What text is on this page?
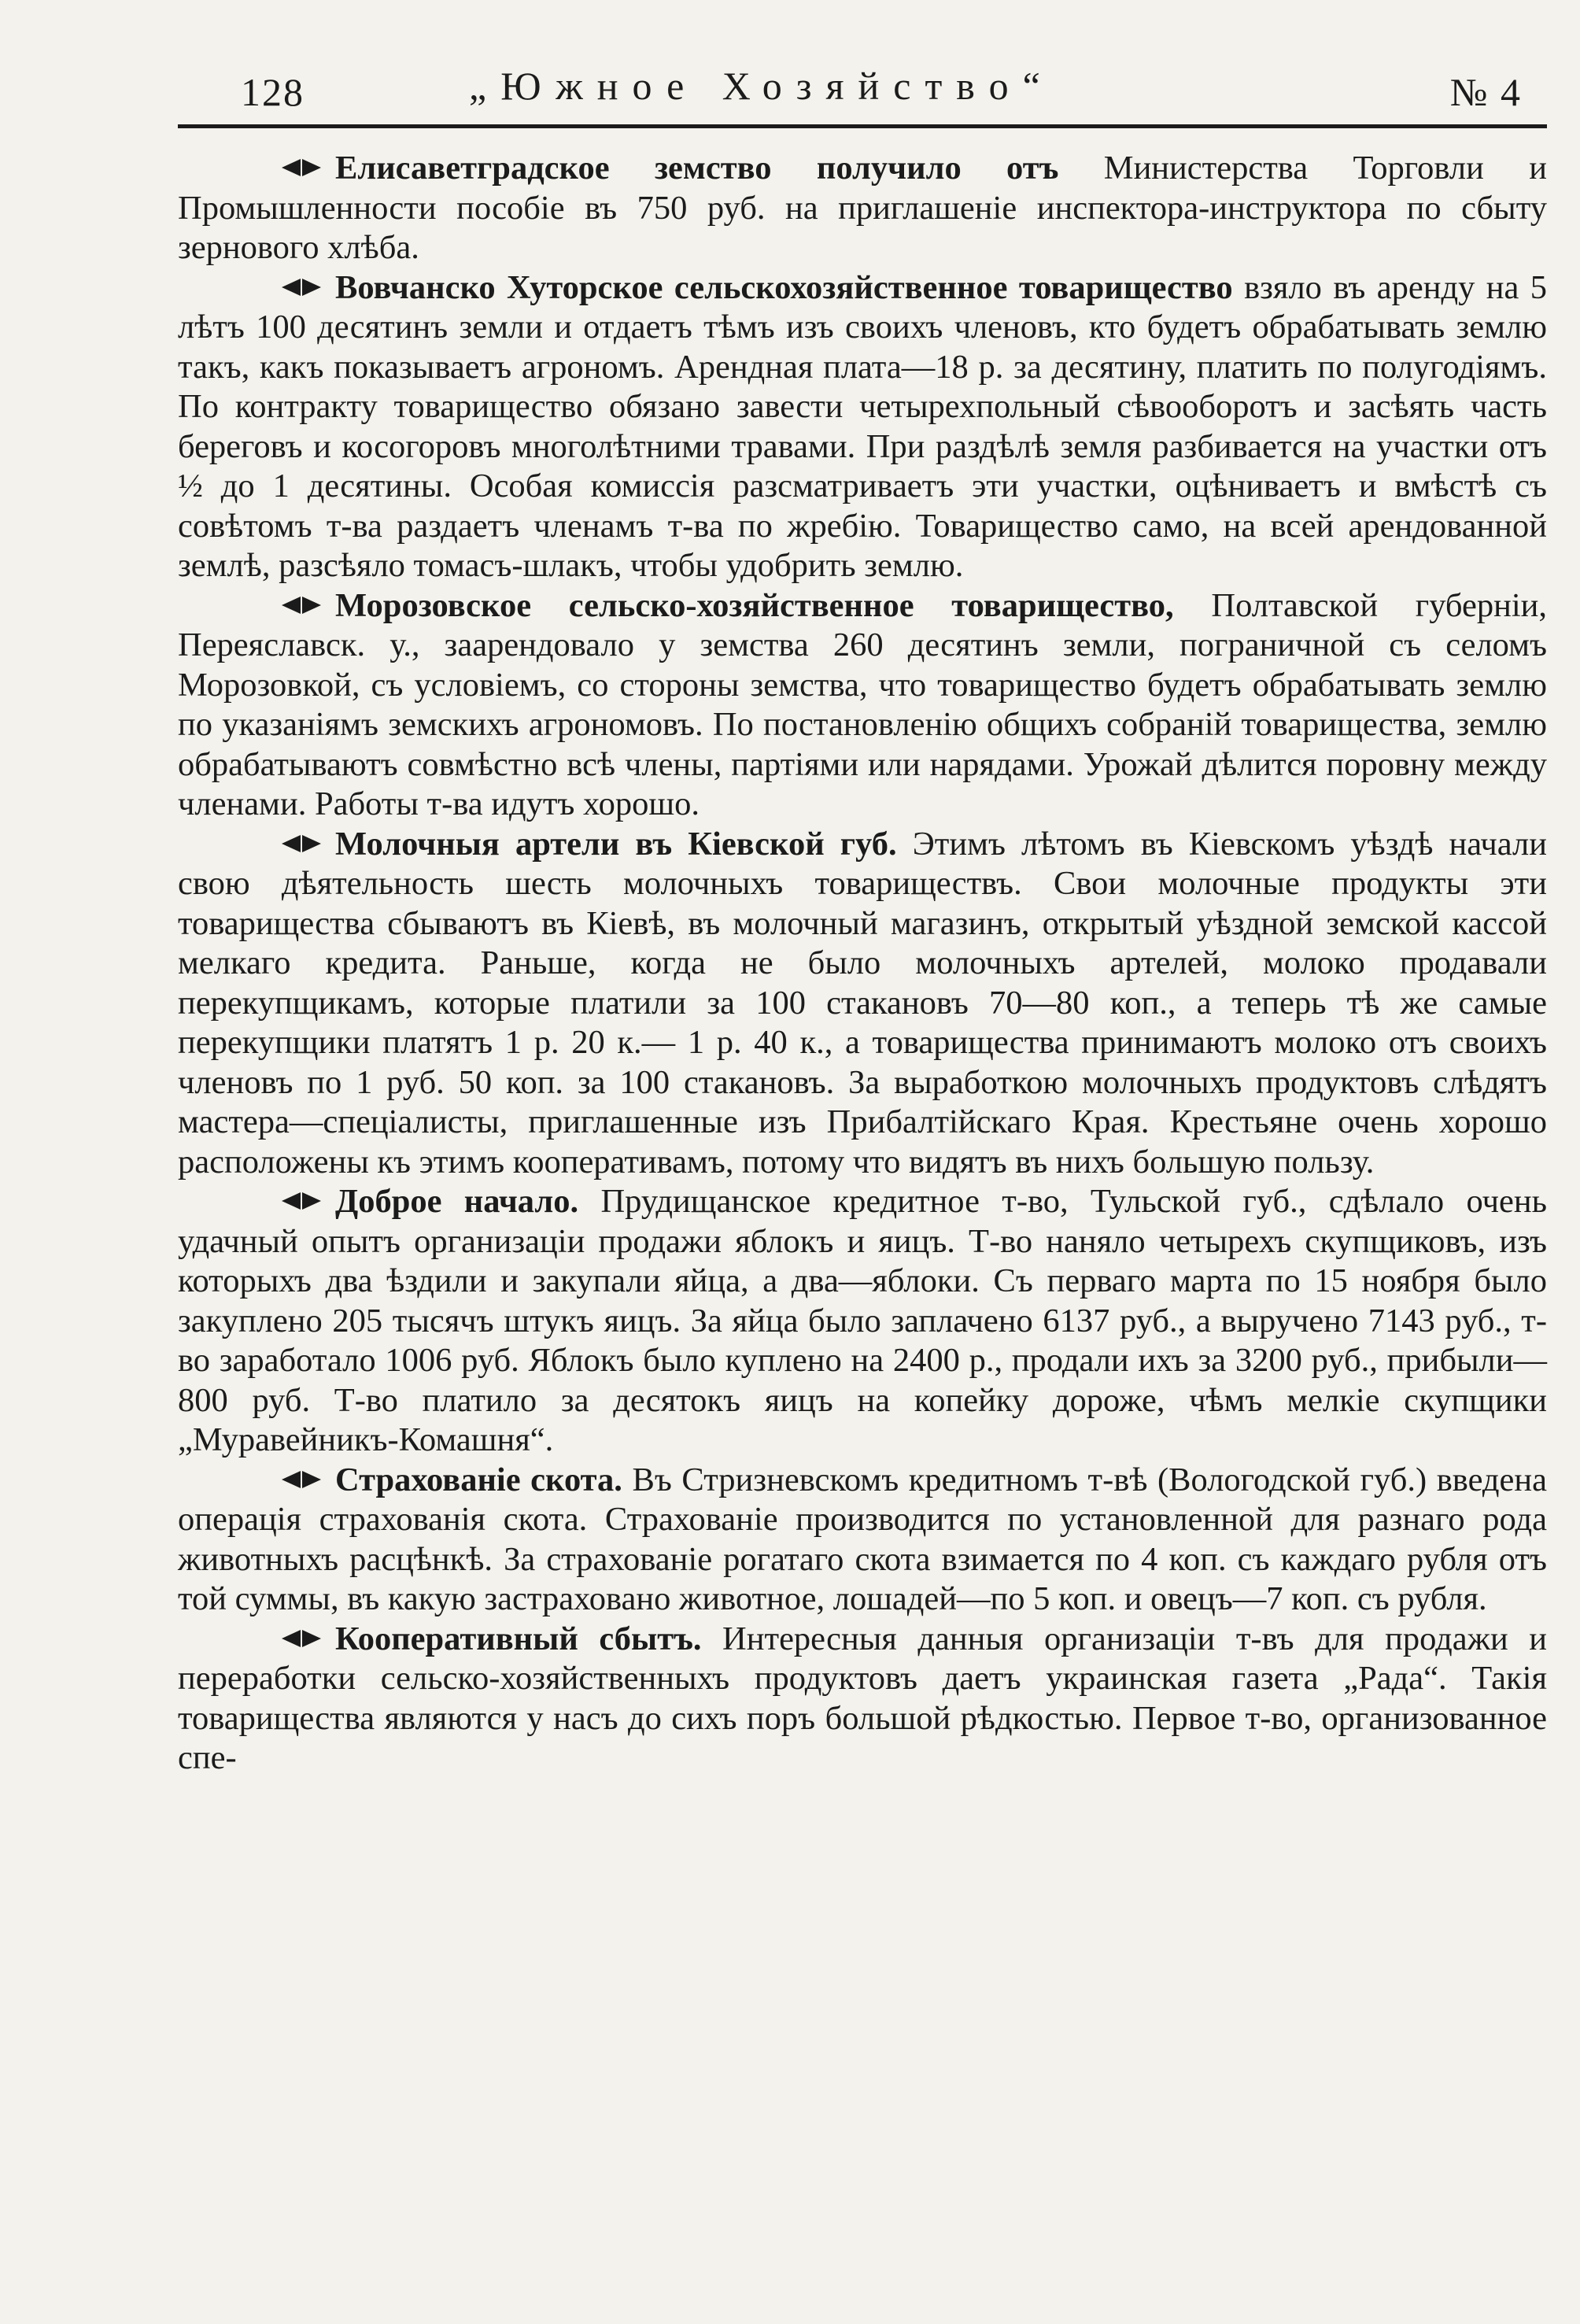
128	„Южное Хозяйство“	№ 4

Елисаветградское земство получило отъ Министерства Торговли и Промышленности пособіе въ 750 руб. на приглашеніе инспектора-инструктора по сбыту зернового хлѣба.

Вовчанско Хуторское сельскохозяйственное товарищество взяло въ аренду на 5 лѣтъ 100 десятинъ земли и отдаетъ тѣмъ изъ своихъ членовъ, кто будетъ обрабатывать землю такъ, какъ показываетъ агрономъ. Арендная плата—18 р. за десятину, платить по полугодіямъ. По контракту товарищество обязано завести четырехпольный сѣвооборотъ и засѣять часть береговъ и косогоровъ многолѣтними травами. При раздѣлѣ земля разбивается на участки отъ ½ до 1 десятины. Особая комиссія разсматриваетъ эти участки, оцѣниваетъ и вмѣстѣ съ совѣтомъ т-ва раздаетъ членамъ т-ва по жребію. Товарищество само, на всей арендованной землѣ, разсѣяло томасъ-шлакъ, чтобы удобрить землю.

Морозовское сельско-хозяйственное товарищество, Полтавской губерніи, Переяславск. у., заарендовало у земства 260 десятинъ земли, пограничной съ селомъ Морозовкой, съ условіемъ, со стороны земства, что товарищество будетъ обрабатывать землю по указаніямъ земскихъ агрономовъ. По постановленію общихъ собраній товарищества, землю обрабатываютъ совмѣстно всѣ члены, партіями или нарядами. Урожай дѣлится поровну между членами. Работы т-ва идутъ хорошо.

Молочныя артели въ Кіевской губ. Этимъ лѣтомъ въ Кіевскомъ уѣздѣ начали свою дѣятельность шесть молочныхъ товариществъ. Свои молочные продукты эти товарищества сбываютъ въ Кіевѣ, въ молочный магазинъ, открытый уѣздной земской кассой мелкаго кредита. Раньше, когда не было молочныхъ артелей, молоко продавали перекупщикамъ, которые платили за 100 стакановъ 70—80 коп., а теперь тѣ же самые перекупщики платятъ 1 р. 20 к.— 1 р. 40 к., а товарищества принимаютъ молоко отъ своихъ членовъ по 1 руб. 50 коп. за 100 стакановъ. За выработкою молочныхъ продуктовъ слѣдятъ мастера—спеціалисты, приглашенные изъ Прибалтійскаго Края. Крестьяне очень хорошо расположены къ этимъ кооперативамъ, потому что видятъ въ нихъ большую пользу.

Доброе начало. Прудищанское кредитное т-во, Тульской губ., сдѣлало очень удачный опытъ организаціи продажи яблокъ и яицъ. Т-во наняло четырехъ скупщиковъ, изъ которыхъ два ѣздили и закупали яйца, а два—яблоки. Съ перваго марта по 15 ноября было закуплено 205 тысячъ штукъ яицъ. За яйца было заплачено 6137 руб., а выручено 7143 руб., т-во заработало 1006 руб. Яблокъ было куплено на 2400 р., продали ихъ за 3200 руб., прибыли—800 руб. Т-во платило за десятокъ яицъ на копейку дороже, чѣмъ мелкіе скупщики „Муравейникъ-Комашня“.

Страхованіе скота. Въ Стризневскомъ кредитномъ т-вѣ (Вологодской губ.) введена операція страхованія скота. Страхованіе производится по установленной для разнаго рода животныхъ расцѣнкѣ. За страхованіе рогатаго скота взимается по 4 коп. съ каждаго рубля отъ той суммы, въ какую застраховано животное, лошадей—по 5 коп. и овецъ—7 коп. съ рубля.

Кооперативный сбытъ. Интересныя данныя организаціи т-въ для продажи и переработки сельско-хозяйственныхъ продуктовъ даетъ украинская газета „Рада“. Такія товарищества являются у насъ до сихъ поръ большой рѣдкостью. Первое т-во, организованное спе-
